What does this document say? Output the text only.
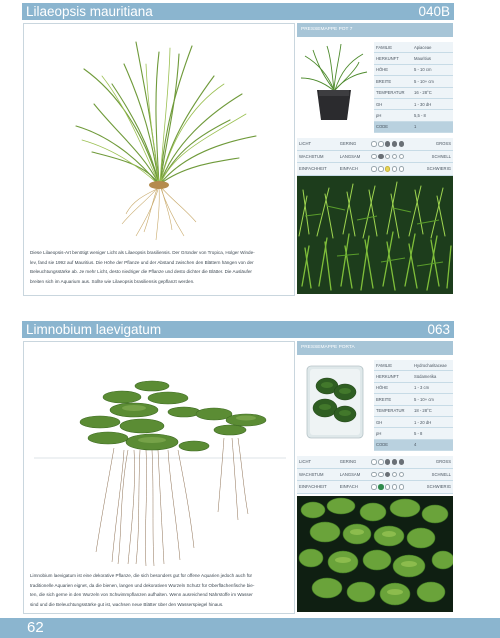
Lilaeopsis mauritiana	040B

Diese Lilaeopsis-Art benötigt weniger Licht als Lilaeopsis brasiliensis. Der Gründer von Tropica, Holger Winde-

lev, fand sie 1992 auf Mauritius. Die Höhe der Pflanze und der Abstand zwischen den Blättern hängen von der

Beleuchtungsstärke ab. Je mehr Licht, desto niedriger die Pflanze und desto dichter die Blätter. Die Ausläufer

breiten sich im Aquarium aus. Sollte wie Lilaeopsis brasiliensis gepflanzt werden.

PRESSEMAPPE POT 7
FAMILIE	Apiaceae
HERKUNFT	Mauritius
HÖHE	5 - 10 cm
BREITE	5 - 10+ cm
TEMPERATUR	16 - 28°C
GH	1 - 30 dH
pH	5,5 - 8
CODE	1
LICHT	GERING		GROSS
WACHSTUM	LANGSAM		SCHNELL
EINFACHHEIT	EINFACH		SCHWIERIG
Limnobium laevigatum	063

Limnobium laevigatum ist eine dekorative Pflanze, die sich besonders gut für offene Aquarien jedoch auch für

traditionelle Aquarien eignet, da die bienen, langen und dekorativen Wurzeln Schutz für Oberflächenfische bie-

ten, die sich gerne in den Wurzeln von Schwimmpflanzen aufhalten. Wenn ausreichend Nährstoffe im Wasser

sind und die Beleuchtungsstärke gut ist, wachsen neue Blätter über den Wasserspiegel hinaus.

PRESSEMAPPE PORTA
FAMILIE	Hydrocharitaceae
HERKUNFT	Südamerika
HÖHE	1 - 3 cm
BREITE	5 - 10+ cm
TEMPERATUR	18 - 28°C
GH	1 - 20 dH
pH	5 - 8
CODE	4
LICHT	GERING		GROSS
WACHSTUM	LANGSAM		SCHNELL
EINFACHHEIT	EINFACH		SCHWIERIG
62
